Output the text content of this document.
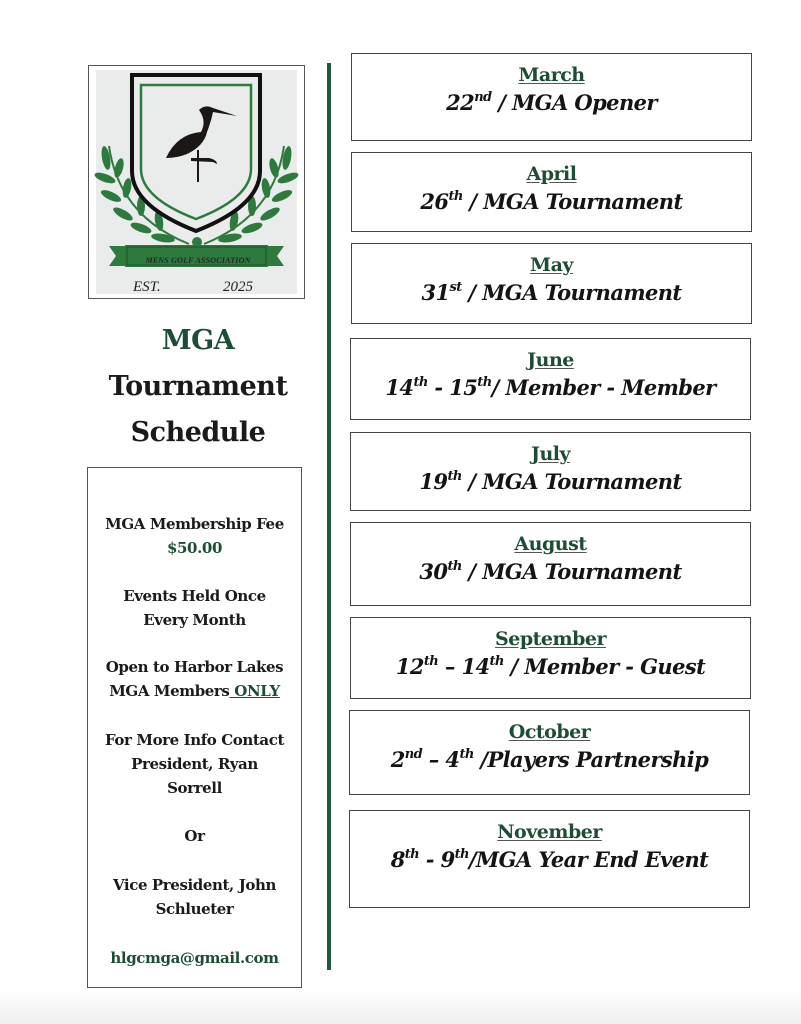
MENS GOLF ASSOCIATION
EST.	2025
MGA
Tournament
Schedule

MGA Membership Fee
$50.00

Events Held Once
Every Month

Open to Harbor Lakes
MGA Members ONLY

For More Info Contact
President, Ryan
Sorrell

Or

Vice President, John
Schlueter

hlgcmga@gmail.com

March
22nd / MGA Opener
April
26th / MGA Tournament
May
31st / MGA Tournament
June
14th - 15th/ Member - Member
July
19th / MGA Tournament
August
30th / MGA Tournament
September
12th – 14th / Member - Guest
October
2nd – 4th /Players Partnership
November
8th - 9th/MGA Year End Event
